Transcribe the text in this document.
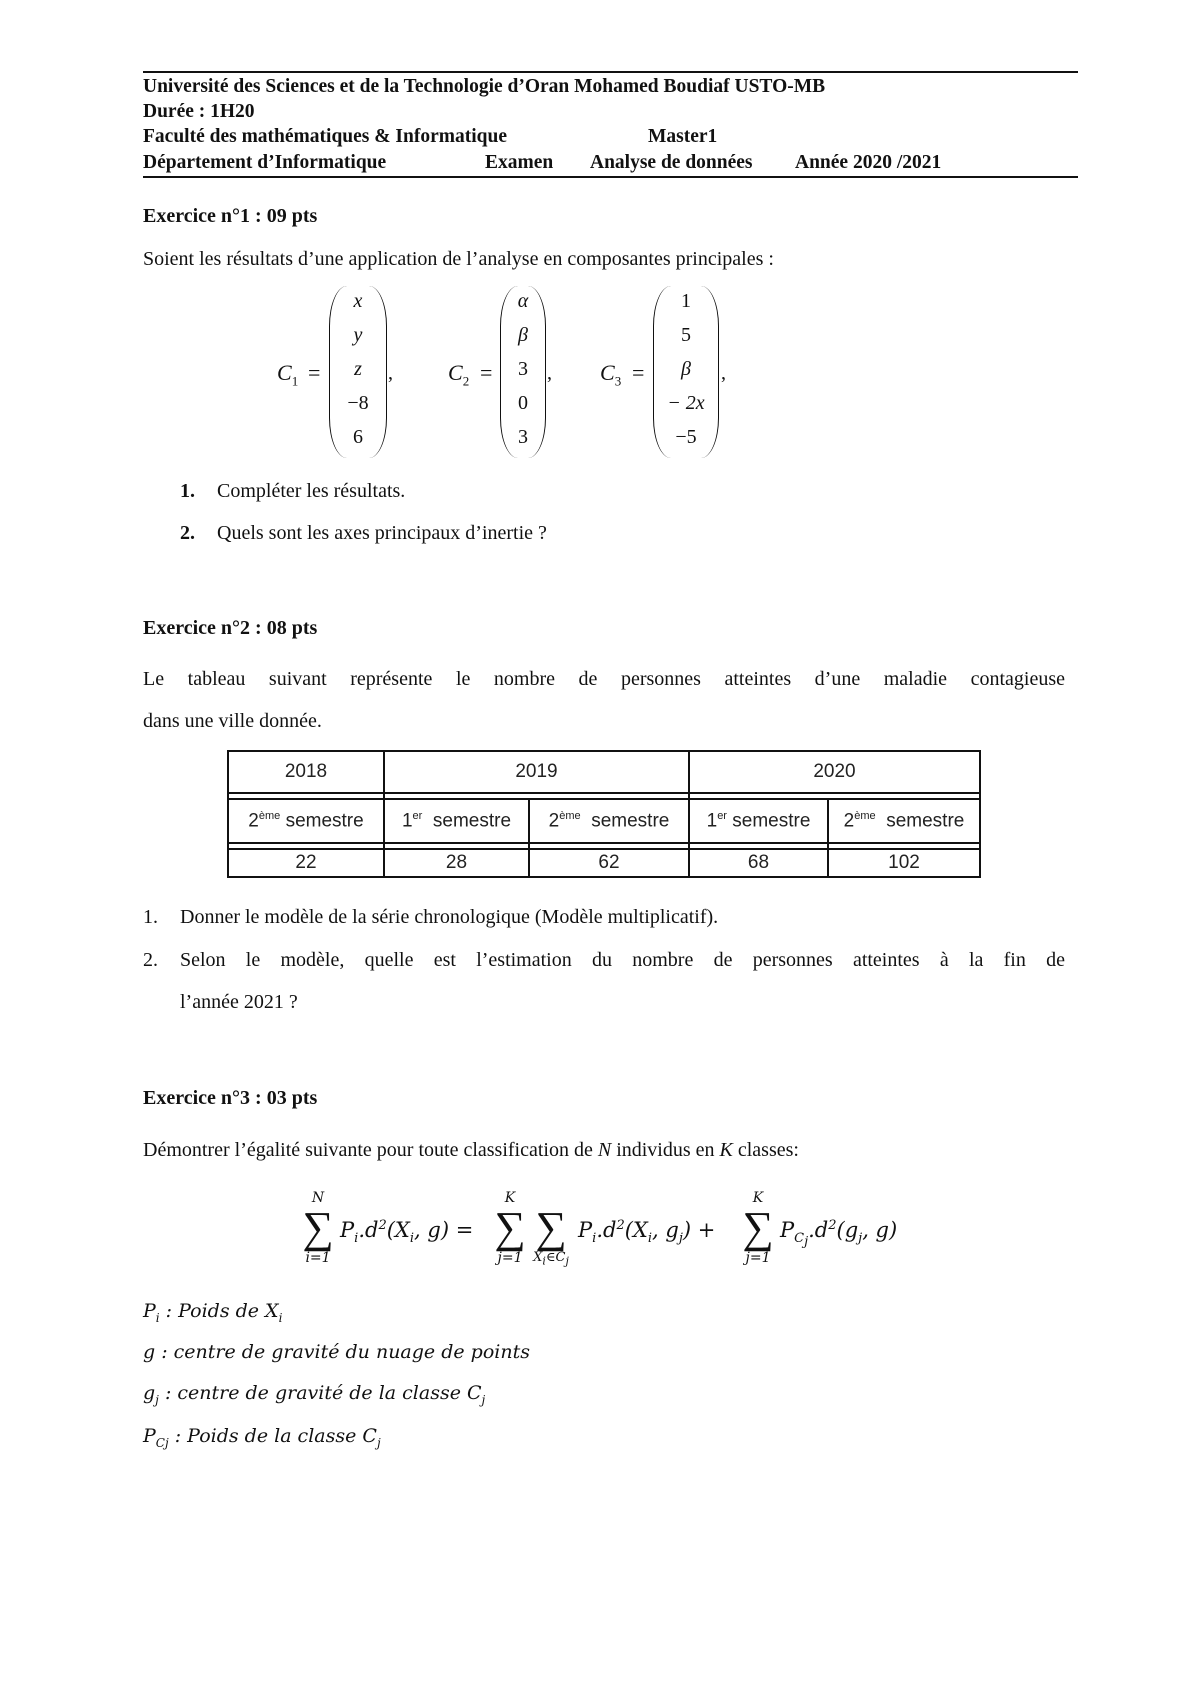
Université des Sciences et de la Technologie d’Oran Mohamed Boudiaf USTO-MB
Durée : 1H20
Faculté des mathématiques & Informatique	Master1
Département d’Informatique	Examen Analyse de données Année 2020 /2021
Exercice n°1 : 09 pts
Soient les résultats d’une application de l’analyse en composantes principales :
$C_1$ =
x
y
z
−8
6
,	$C_2$ =
α
β
3
0
3
, $C_3$ =
1
5
β
− 2x
−5
,
1. Compléter les résultats.
2. Quels sont les axes principaux d’inertie ?
Exercice n°2 : 08 pts
Le tableau suivant représente le nombre de personnes atteintes d’une maladie contagieuse
dans une ville donnée.
2018	2019		2020	

2ème semestre	1er semestre	2ème semestre	1er semestre	2ème semestre

22	28	62	68	102
1. Donner le modèle de la série chronologique (Modèle multiplicatif).
2. Selon le modèle, quelle est l’estimation du nombre de personnes atteintes à la fin de
l’année 2021 ?
Exercice n°3 : 03 pts
Démontrer l’égalité suivante pour toute classification de N individus en K classes:
N
∑
i=1
$P_i.d^2(X_i$, g) =
K
∑
j=1

∑
$X_i\in C_j$
$P_i.d^2(X_i$, $g_j$) +
K
∑
j=1
$P_{C_j}.d^2(g_j$, g)
$P_i$ : Poids de $X_i$
g : centre de gravité du nuage de points
$g_j$ : centre de gravité de la classe $C_j$
$P_{Cj}$ : Poids de la classe $C_j$
